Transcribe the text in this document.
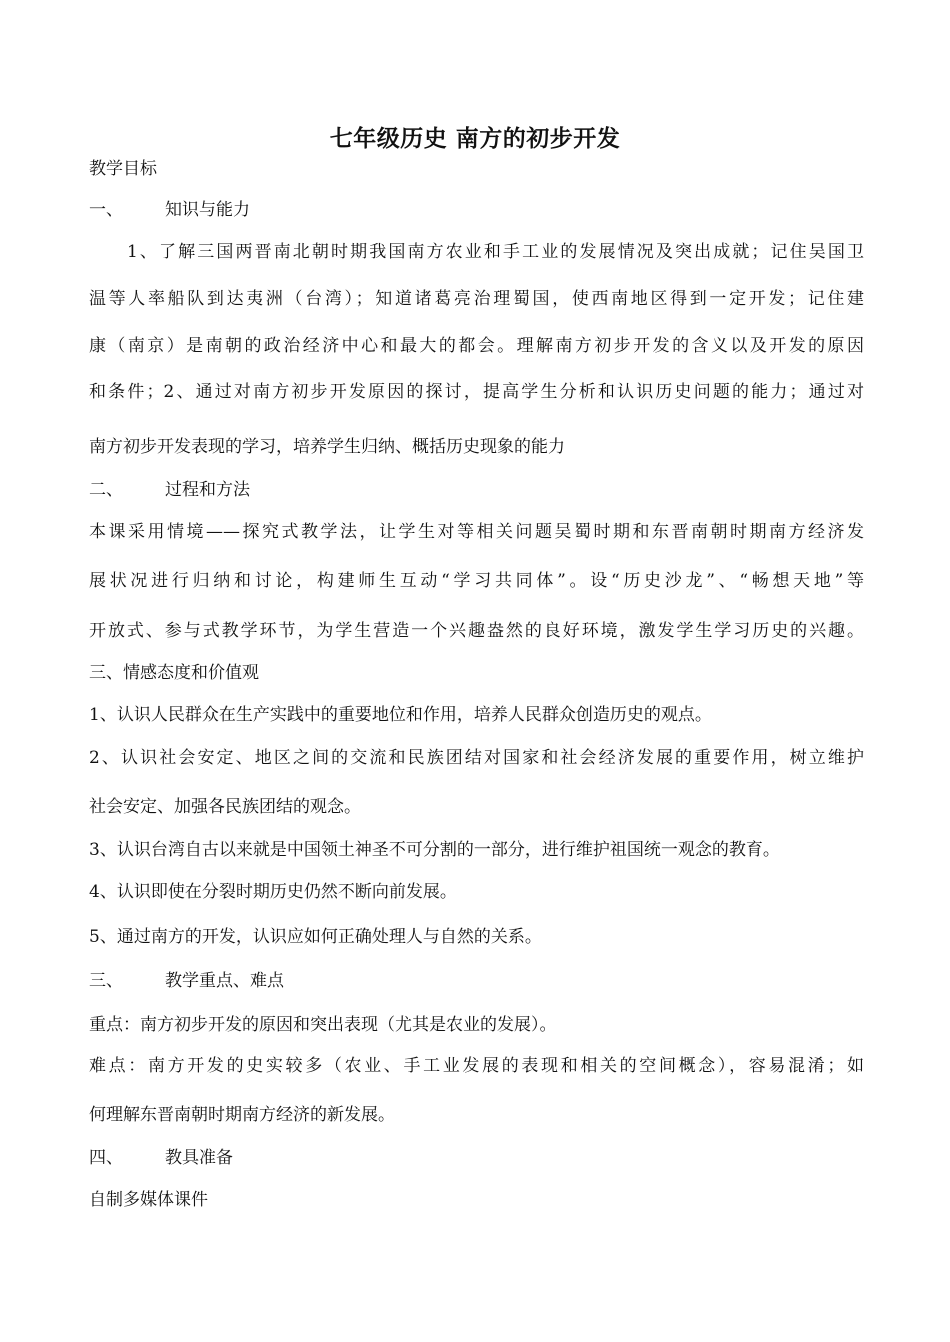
七年级历史 南方的初步开发
教学目标
一、 知识与能力
1、了解三国两晋南北朝时期我国南方农业和手工业的发展情况及突出成就；记住吴国卫
温等人率船队到达夷洲（台湾）；知道诸葛亮治理蜀国，使西南地区得到一定开发；记住建
康（南京）是南朝的政治经济中心和最大的都会。理解南方初步开发的含义以及开发的原因
和条件；2、通过对南方初步开发原因的探讨，提高学生分析和认识历史问题的能力；通过对
南方初步开发表现的学习，培养学生归纳、概括历史现象的能力
二、 过程和方法
本课采用情境——探究式教学法，让学生对等相关问题吴蜀时期和东晋南朝时期南方经济发
展状况进行归纳和讨论，构建师生互动“学习共同体”。设“历史沙龙”、“畅想天地”等
开放式、参与式教学环节，为学生营造一个兴趣盎然的良好环境，激发学生学习历史的兴趣。
三、情感态度和价值观
1、认识人民群众在生产实践中的重要地位和作用，培养人民群众创造历史的观点。
2、认识社会安定、地区之间的交流和民族团结对国家和社会经济发展的重要作用，树立维护
社会安定、加强各民族团结的观念。
3、认识台湾自古以来就是中国领土神圣不可分割的一部分，进行维护祖国统一观念的教育。
4、认识即使在分裂时期历史仍然不断向前发展。
5、通过南方的开发，认识应如何正确处理人与自然的关系。
三、 教学重点、难点
重点：南方初步开发的原因和突出表现（尤其是农业的发展）。
难点：南方开发的史实较多（农业、手工业发展的表现和相关的空间概念），容易混淆；如
何理解东晋南朝时期南方经济的新发展。
四、 教具准备
自制多媒体课件
